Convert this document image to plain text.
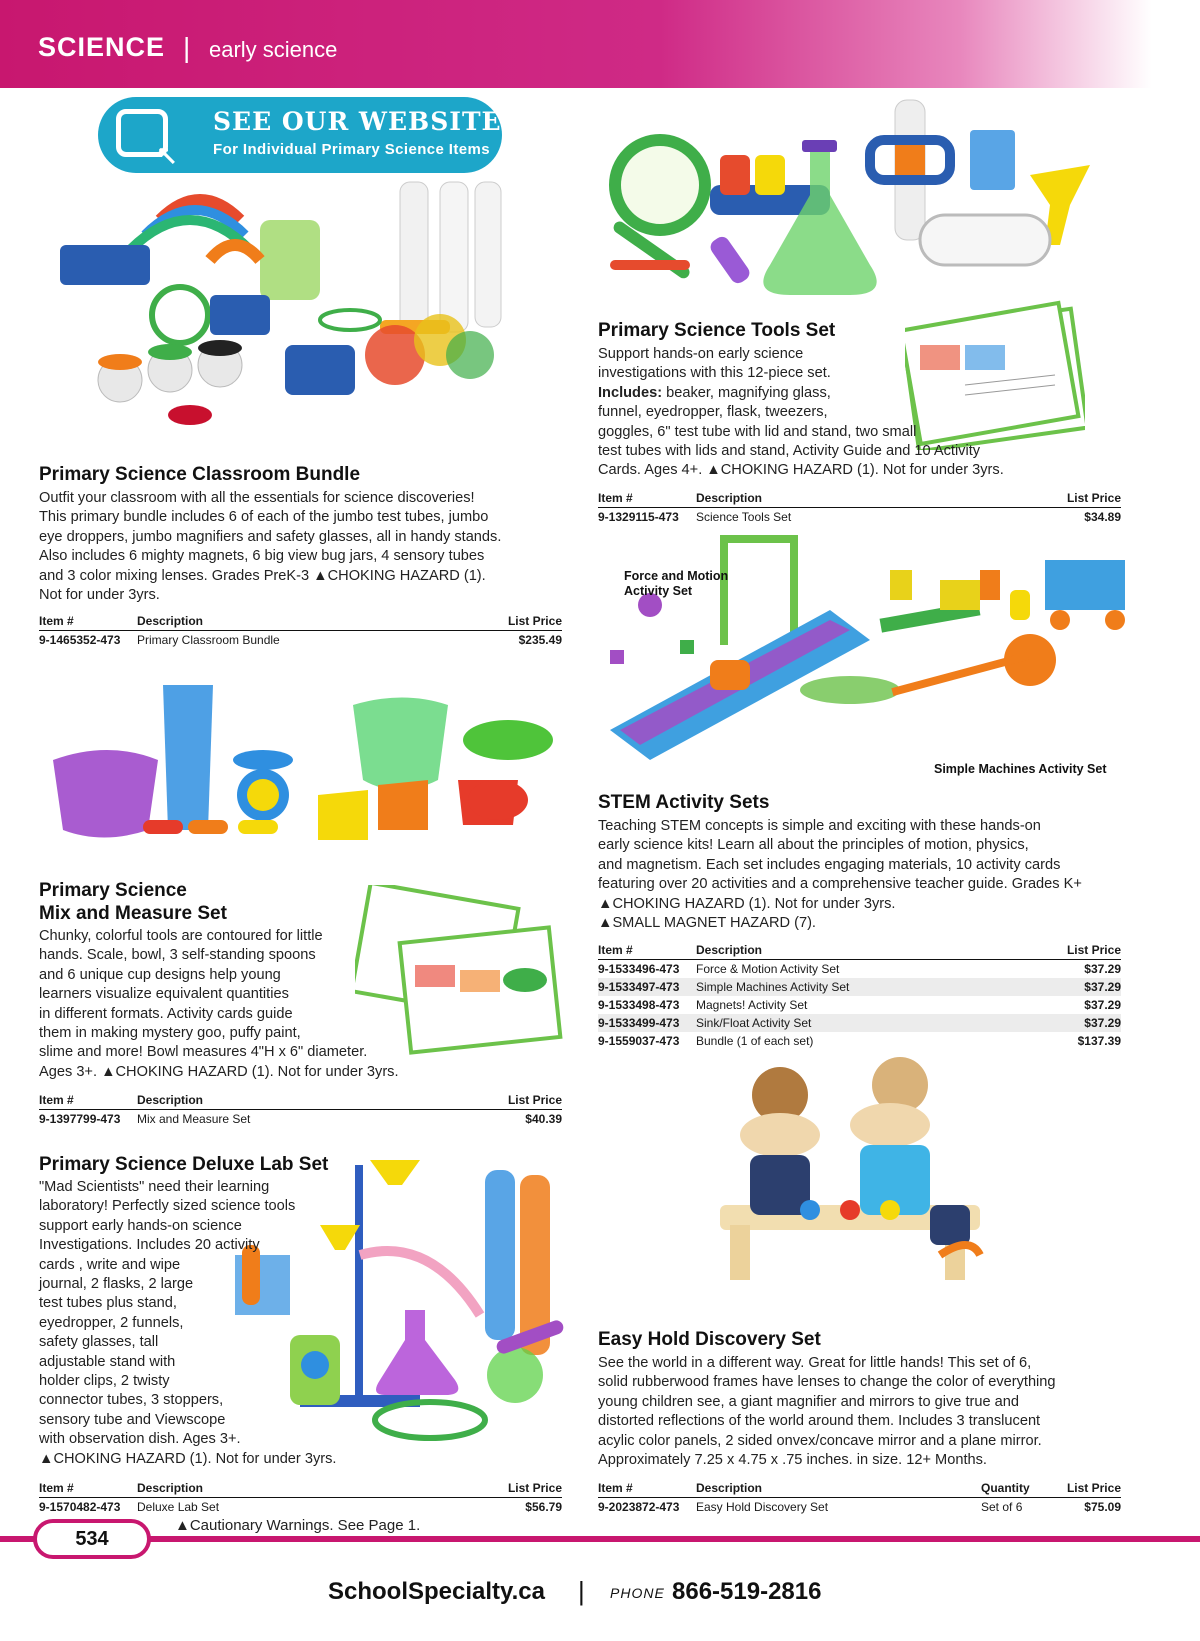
SCIENCE | early science
↖
SEE OUR WEBSITE
For Individual Primary Science Items
Primary Science Classroom Bundle
Outfit your classroom with all the essentials for science discoveries!
This primary bundle includes 6 of each of the jumbo test tubes, jumbo
eye droppers, jumbo magnifiers and safety glasses, all in handy stands.
Also includes 6 mighty magnets, 6 big view bug jars, 4 sensory tubes
and 3 color mixing lenses. Grades PreK-3 ▲CHOKING HAZARD (1).
Not for under 3yrs.
Item #	Description	List Price
9-1465352-473	Primary Classroom Bundle	$235.49
Primary Science Tools Set
Support hands-on early science
investigations with this 12-piece set.
Includes: beaker, magnifying glass,
funnel, eyedropper, flask, tweezers,
goggles, 6" test tube with lid and stand, two small
test tubes with lids and stand, Activity Guide and 10 Activity
Cards. Ages 4+. ▲CHOKING HAZARD (1). Not for under 3yrs.
Item #	Description	List Price
9-1329115-473	Science Tools Set	$34.89
Force and Motion
Activity Set
Simple Machines Activity Set
STEM Activity Sets
Teaching STEM concepts is simple and exciting with these hands-on
early science kits! Learn all about the principles of motion, physics,
and magnetism. Each set includes engaging materials, 10 activity cards
featuring over 20 activities and a comprehensive teacher guide. Grades K+
▲CHOKING HAZARD (1). Not for under 3yrs.
▲SMALL MAGNET HAZARD (7).
Item #	Description	List Price
9-1533496-473	Force & Motion Activity Set	$37.29
9-1533497-473	Simple Machines Activity Set	$37.29
9-1533498-473	Magnets! Activity Set	$37.29
9-1533499-473	Sink/Float Activity Set	$37.29
9-1559037-473	Bundle (1 of each set)	$137.39
Primary Science
Mix and Measure Set
Chunky, colorful tools are contoured for little
hands. Scale, bowl, 3 self-standing spoons
and 6 unique cup designs help young
learners visualize equivalent quantities
in different formats. Activity cards guide
them in making mystery goo, puffy paint,
slime and more! Bowl measures 4"H x 6" diameter.
Ages 3+. ▲CHOKING HAZARD (1). Not for under 3yrs.
Item #	Description	List Price
9-1397799-473	Mix and Measure Set	$40.39
Primary Science Deluxe Lab Set
"Mad Scientists" need their learning
laboratory! Perfectly sized science tools
support early hands-on science
Investigations. Includes 20 activity
cards , write and wipe
journal, 2 flasks, 2 large
test tubes plus stand,
eyedropper, 2 funnels,
safety glasses, tall
adjustable stand with
holder clips, 2 twisty
connector tubes, 3 stoppers,
sensory tube and Viewscope
with observation dish. Ages 3+.
▲CHOKING HAZARD (1). Not for under 3yrs.
Item #	Description	List Price
9-1570482-473	Deluxe Lab Set	$56.79
Easy Hold Discovery Set
See the world in a different way. Great for little hands! This set of 6,
solid rubberwood frames have lenses to change the color of everything
young children see, a giant magnifier and mirrors to give true and
distorted reflections of the world around them. Includes 3 translucent
acylic color panels, 2 sided onvex/concave mirror and a plane mirror.
Approximately 7.25 x 4.75 x .75 inches. in size. 12+ Months.
Item #	Description	Quantity	List Price
9-2023872-473	Easy Hold Discovery Set	Set of 6	$75.09
534
▲Cautionary Warnings. See Page 1.
SchoolSpecialty.ca | PHONE 866-519-2816
